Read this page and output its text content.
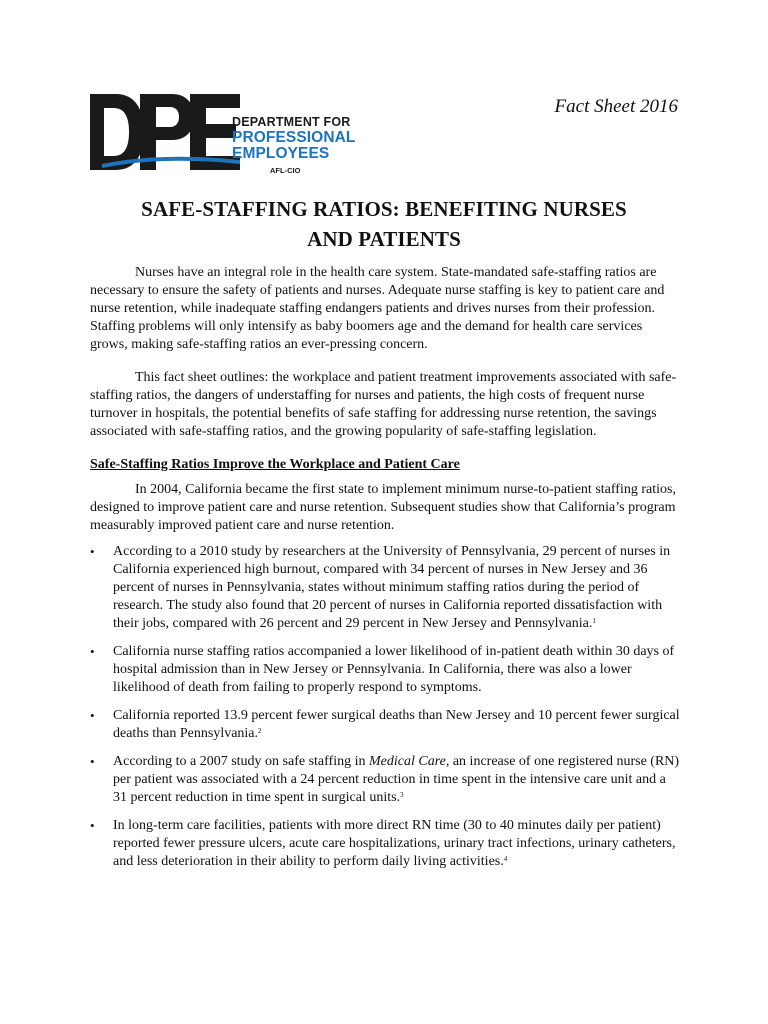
DEPARTMENT FOR
PROFESSIONAL
EMPLOYEES
AFL-CIO
Fact Sheet 2016
SAFE-STAFFING RATIOS: BENEFITING NURSES
AND PATIENTS

Nurses have an integral role in the health care system. State-mandated safe-staffing ratios are necessary to ensure the safety of patients and nurses. Adequate nurse staffing is key to patient care and nurse retention, while inadequate staffing endangers patients and drives nurses from their profession. Staffing problems will only intensify as baby boomers age and the demand for health care services grows, making safe-staffing ratios an ever-pressing concern.

This fact sheet outlines: the workplace and patient treatment improvements associated with safe-staffing ratios, the dangers of understaffing for nurses and patients, the high costs of frequent nurse turnover in hospitals, the potential benefits of safe staffing for addressing nurse retention, the savings associated with safe-staffing ratios, and the growing popularity of safe-staffing legislation.

Safe-Staffing Ratios Improve the Workplace and Patient Care

In 2004, California became the first state to implement minimum nurse-to-patient staffing ratios, designed to improve patient care and nurse retention. Subsequent studies show that California’s program measurably improved patient care and nurse retention.

• According to a 2010 study by researchers at the University of Pennsylvania, 29 percent of nurses in California experienced high burnout, compared with 34 percent of nurses in New Jersey and 36 percent of nurses in Pennsylvania, states without minimum staffing ratios during the period of research. The study also found that 20 percent of nurses in California reported dissatisfaction with their jobs, compared with 26 percent and 29 percent in New Jersey and Pennsylvania.$^1$
• California nurse staffing ratios accompanied a lower likelihood of in-patient death within 30 days of hospital admission than in New Jersey or Pennsylvania. In California, there was also a lower likelihood of death from failing to properly respond to symptoms.
• California reported 13.9 percent fewer surgical deaths than New Jersey and 10 percent fewer surgical deaths than Pennsylvania.$^2$
• According to a 2007 study on safe staffing in Medical Care, an increase of one registered nurse (RN) per patient was associated with a 24 percent reduction in time spent in the intensive care unit and a 31 percent reduction in time spent in surgical units.$^3$
• In long-term care facilities, patients with more direct RN time (30 to 40 minutes daily per patient) reported fewer pressure ulcers, acute care hospitalizations, urinary tract infections, urinary catheters, and less deterioration in their ability to perform daily living activities.$^4$
